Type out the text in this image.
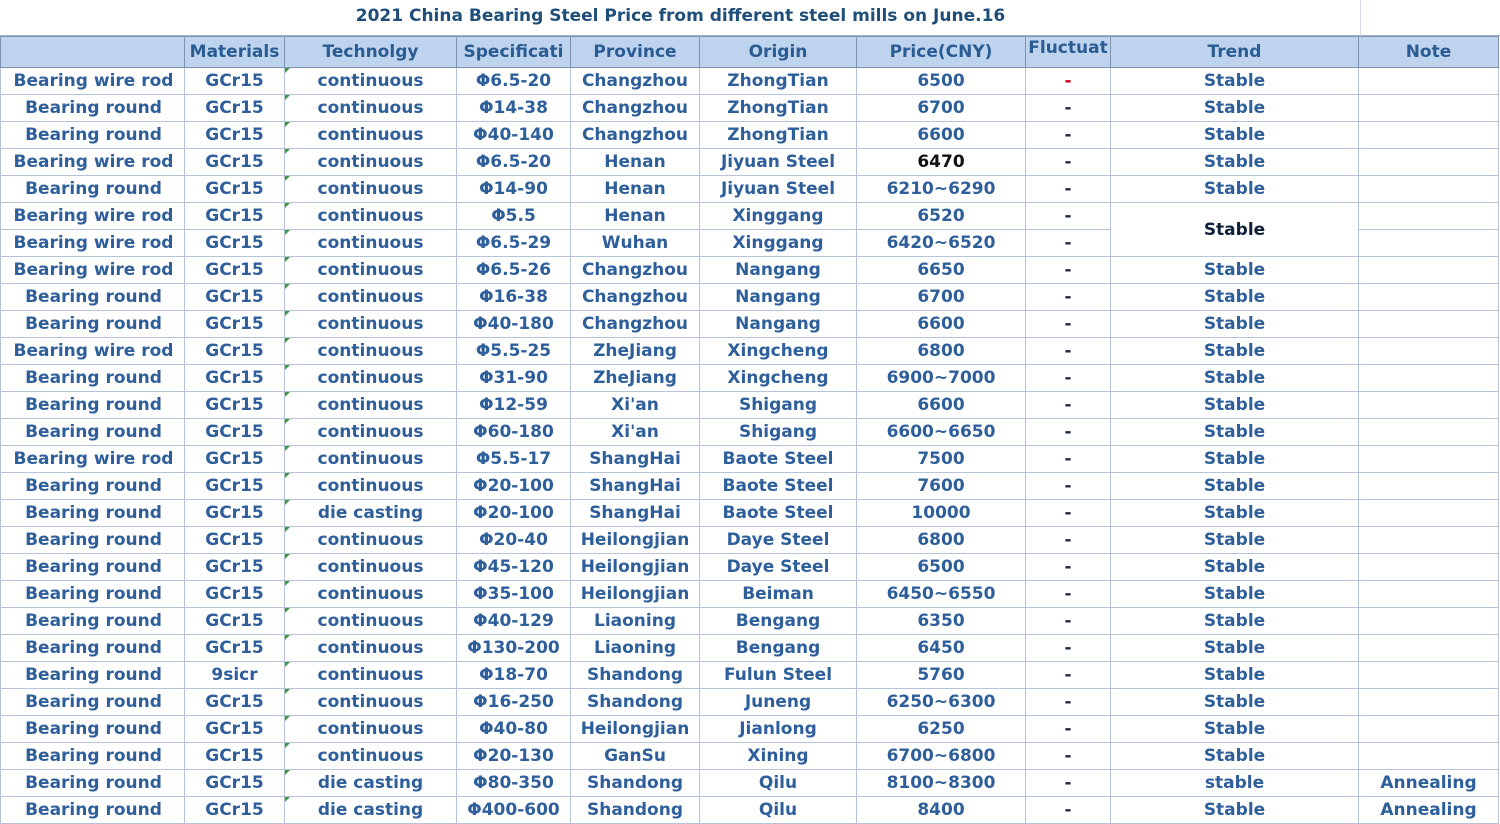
2021 China Bearing Steel Price from different steel mills on June.16
	Materials	Technolgy	Specificati	Province	Origin	Price(CNY)	Fluctuat	Trend	Note
Bearing wire rod	GCr15	continuous	Φ6.5-20	Changzhou	ZhongTian	6500	-	Stable	
Bearing round	GCr15	continuous	Φ14-38	Changzhou	ZhongTian	6700	-	Stable	
Bearing round	GCr15	continuous	Φ40-140	Changzhou	ZhongTian	6600	-	Stable	
Bearing wire rod	GCr15	continuous	Φ6.5-20	Henan	Jiyuan Steel	6470	-	Stable	
Bearing round	GCr15	continuous	Φ14-90	Henan	Jiyuan Steel	6210~6290	-	Stable	
Bearing wire rod	GCr15	continuous	Φ5.5	Henan	Xinggang	6520	-	Stable	
Bearing wire rod	GCr15	continuous	Φ6.5-29	Wuhan	Xinggang	6420~6520	-		
Bearing wire rod	GCr15	continuous	Φ6.5-26	Changzhou	Nangang	6650	-	Stable	
Bearing round	GCr15	continuous	Φ16-38	Changzhou	Nangang	6700	-	Stable	
Bearing round	GCr15	continuous	Φ40-180	Changzhou	Nangang	6600	-	Stable	
Bearing wire rod	GCr15	continuous	Φ5.5-25	ZheJiang	Xingcheng	6800	-	Stable	
Bearing round	GCr15	continuous	Φ31-90	ZheJiang	Xingcheng	6900~7000	-	Stable	
Bearing round	GCr15	continuous	Φ12-59	Xi'an	Shigang	6600	-	Stable	
Bearing round	GCr15	continuous	Φ60-180	Xi'an	Shigang	6600~6650	-	Stable	
Bearing wire rod	GCr15	continuous	Φ5.5-17	ShangHai	Baote Steel	7500	-	Stable	
Bearing round	GCr15	continuous	Φ20-100	ShangHai	Baote Steel	7600	-	Stable	
Bearing round	GCr15	die casting	Φ20-100	ShangHai	Baote Steel	10000	-	Stable	
Bearing round	GCr15	continuous	Φ20-40	Heilongjian	Daye Steel	6800	-	Stable	
Bearing round	GCr15	continuous	Φ45-120	Heilongjian	Daye Steel	6500	-	Stable	
Bearing round	GCr15	continuous	Φ35-100	Heilongjian	Beiman	6450~6550	-	Stable	
Bearing round	GCr15	continuous	Φ40-129	Liaoning	Bengang	6350	-	Stable	
Bearing round	GCr15	continuous	Φ130-200	Liaoning	Bengang	6450	-	Stable	
Bearing round	9sicr	continuous	Φ18-70	Shandong	Fulun Steel	5760	-	Stable	
Bearing round	GCr15	continuous	Φ16-250	Shandong	Juneng	6250~6300	-	Stable	
Bearing round	GCr15	continuous	Φ40-80	Heilongjian	Jianlong	6250	-	Stable	
Bearing round	GCr15	continuous	Φ20-130	GanSu	Xining	6700~6800	-	Stable	
Bearing round	GCr15	die casting	Φ80-350	Shandong	Qilu	8100~8300	-	stable	Annealing
Bearing round	GCr15	die casting	Φ400-600	Shandong	Qilu	8400	-	Stable	Annealing
